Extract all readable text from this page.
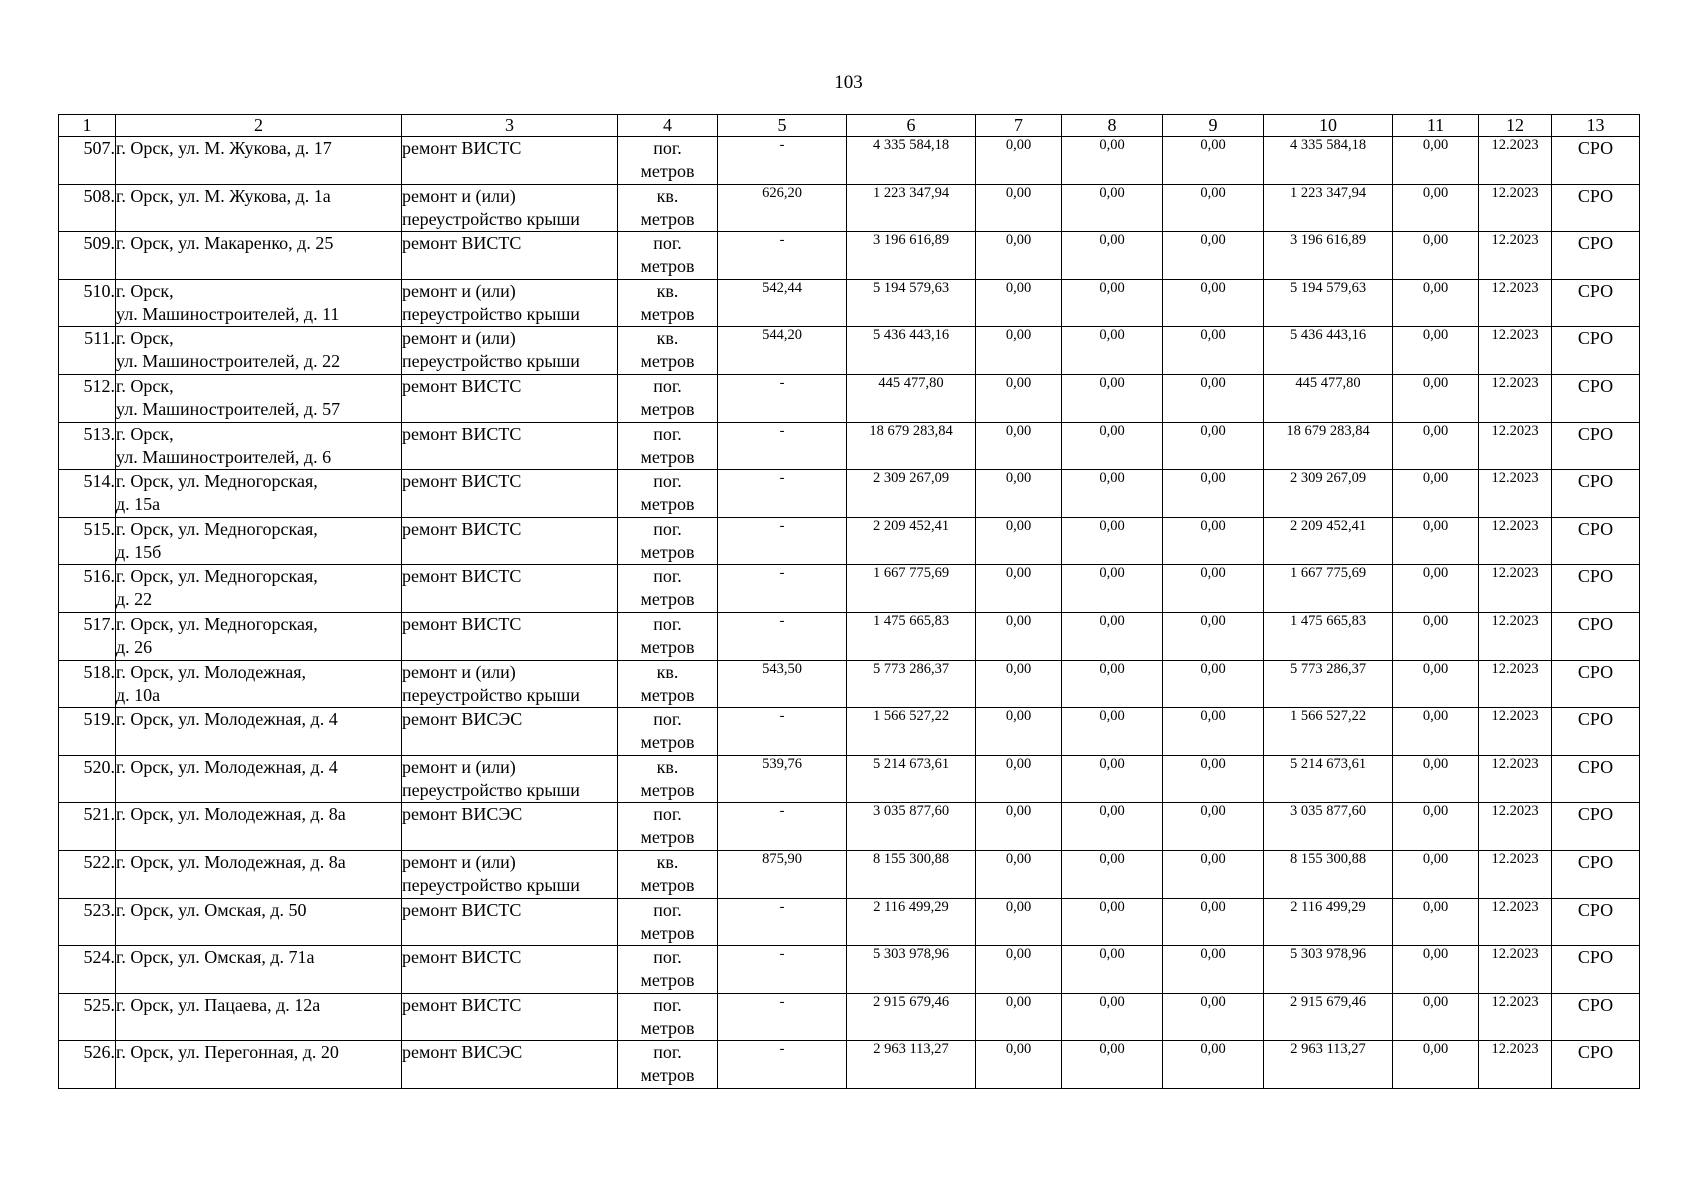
103
1	2	3	4	5	6	7	8	9	10	11	12	13
507.	г. Орск, ул. М. Жукова, д. 17	ремонт ВИСТС	пог.
метров	-	4 335 584,18	0,00	0,00	0,00	4 335 584,18	0,00	12.2023	СРО
508.	г. Орск, ул. М. Жукова, д. 1а	ремонт и (или)
переустройство крыши	кв.
метров	626,20	1 223 347,94	0,00	0,00	0,00	1 223 347,94	0,00	12.2023	СРО
509.	г. Орск, ул. Макаренко, д. 25	ремонт ВИСТС	пог.
метров	-	3 196 616,89	0,00	0,00	0,00	3 196 616,89	0,00	12.2023	СРО
510.	г. Орск,
ул. Машиностроителей, д. 11	ремонт и (или)
переустройство крыши	кв.
метров	542,44	5 194 579,63	0,00	0,00	0,00	5 194 579,63	0,00	12.2023	СРО
511.	г. Орск,
ул. Машиностроителей, д. 22	ремонт и (или)
переустройство крыши	кв.
метров	544,20	5 436 443,16	0,00	0,00	0,00	5 436 443,16	0,00	12.2023	СРО
512.	г. Орск,
ул. Машиностроителей, д. 57	ремонт ВИСТС	пог.
метров	-	445 477,80	0,00	0,00	0,00	445 477,80	0,00	12.2023	СРО
513.	г. Орск,
ул. Машиностроителей, д. 6	ремонт ВИСТС	пог.
метров	-	18 679 283,84	0,00	0,00	0,00	18 679 283,84	0,00	12.2023	СРО
514.	г. Орск, ул. Медногорская,
д. 15а	ремонт ВИСТС	пог.
метров	-	2 309 267,09	0,00	0,00	0,00	2 309 267,09	0,00	12.2023	СРО
515.	г. Орск, ул. Медногорская,
д. 15б	ремонт ВИСТС	пог.
метров	-	2 209 452,41	0,00	0,00	0,00	2 209 452,41	0,00	12.2023	СРО
516.	г. Орск, ул. Медногорская,
д. 22	ремонт ВИСТС	пог.
метров	-	1 667 775,69	0,00	0,00	0,00	1 667 775,69	0,00	12.2023	СРО
517.	г. Орск, ул. Медногорская,
д. 26	ремонт ВИСТС	пог.
метров	-	1 475 665,83	0,00	0,00	0,00	1 475 665,83	0,00	12.2023	СРО
518.	г. Орск, ул. Молодежная,
д. 10а	ремонт и (или)
переустройство крыши	кв.
метров	543,50	5 773 286,37	0,00	0,00	0,00	5 773 286,37	0,00	12.2023	СРО
519.	г. Орск, ул. Молодежная, д. 4	ремонт ВИСЭС	пог.
метров	-	1 566 527,22	0,00	0,00	0,00	1 566 527,22	0,00	12.2023	СРО
520.	г. Орск, ул. Молодежная, д. 4	ремонт и (или)
переустройство крыши	кв.
метров	539,76	5 214 673,61	0,00	0,00	0,00	5 214 673,61	0,00	12.2023	СРО
521.	г. Орск, ул. Молодежная, д. 8а	ремонт ВИСЭС	пог.
метров	-	3 035 877,60	0,00	0,00	0,00	3 035 877,60	0,00	12.2023	СРО
522.	г. Орск, ул. Молодежная, д. 8а	ремонт и (или)
переустройство крыши	кв.
метров	875,90	8 155 300,88	0,00	0,00	0,00	8 155 300,88	0,00	12.2023	СРО
523.	г. Орск, ул. Омская, д. 50	ремонт ВИСТС	пог.
метров	-	2 116 499,29	0,00	0,00	0,00	2 116 499,29	0,00	12.2023	СРО
524.	г. Орск, ул. Омская, д. 71а	ремонт ВИСТС	пог.
метров	-	5 303 978,96	0,00	0,00	0,00	5 303 978,96	0,00	12.2023	СРО
525.	г. Орск, ул. Пацаева, д. 12а	ремонт ВИСТС	пог.
метров	-	2 915 679,46	0,00	0,00	0,00	2 915 679,46	0,00	12.2023	СРО
526.	г. Орск, ул. Перегонная, д. 20	ремонт ВИСЭС	пог.
метров	-	2 963 113,27	0,00	0,00	0,00	2 963 113,27	0,00	12.2023	СРО
